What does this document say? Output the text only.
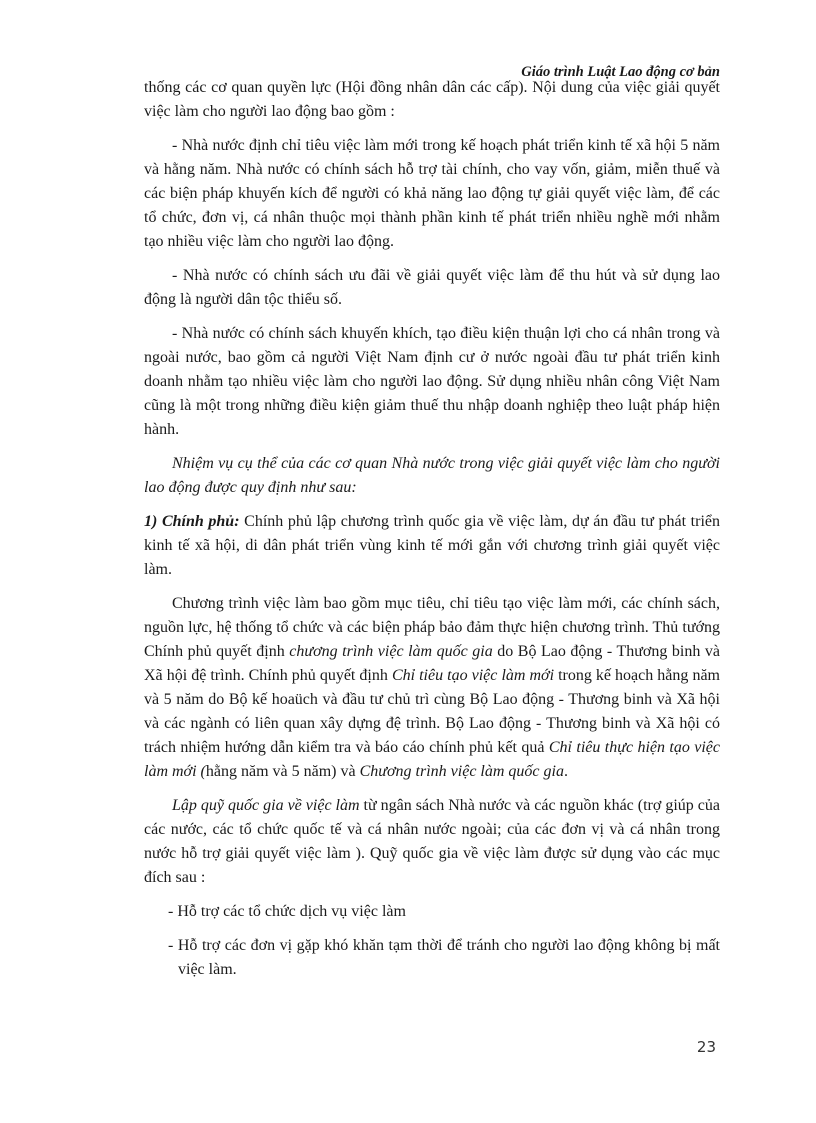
Giáo trình Luật Lao động cơ bản

thống các cơ quan quyền lực (Hội đồng nhân dân các cấp). Nội dung của việc giải quyết việc làm cho người lao động bao gồm :

- Nhà nước định chỉ tiêu việc làm mới trong kế hoạch phát triển kinh tế xã hội 5 năm và hằng năm. Nhà nước có chính sách hỗ trợ tài chính, cho vay vốn, giảm, miễn thuế và các biện pháp khuyến kích để người có khả năng lao động tự giải quyết việc làm, để các tổ chức, đơn vị, cá nhân thuộc mọi thành phần kinh tế phát triển nhiều nghề mới nhằm tạo nhiều việc làm cho người lao động.

- Nhà nước có chính sách ưu đãi về giải quyết việc làm để thu hút và sử dụng lao động là người dân tộc thiểu số.

- Nhà nước có chính sách khuyến khích, tạo điều kiện thuận lợi cho cá nhân trong và ngoài nước, bao gồm cả người Việt Nam định cư ở nước ngoài đầu tư phát triển kinh doanh nhằm tạo nhiều việc làm cho người lao động. Sử dụng nhiều nhân công Việt Nam cũng là một trong những điều kiện giảm thuế thu nhập doanh nghiệp theo luật pháp hiện hành.

Nhiệm vụ cụ thể của các cơ quan Nhà nước trong việc giải quyết việc làm cho người lao động được quy định như sau:

1) Chính phủ: Chính phủ lập chương trình quốc gia về việc làm, dự án đầu tư phát triển kinh tế xã hội, di dân phát triển vùng kinh tế mới gắn với chương trình giải quyết việc làm.

Chương trình việc làm bao gồm mục tiêu, chỉ tiêu tạo việc làm mới, các chính sách, nguồn lực, hệ thống tổ chức và các biện pháp bảo đảm thực hiện chương trình. Thủ tướng Chính phủ quyết định chương trình việc làm quốc gia do Bộ Lao động - Thương binh và Xã hội đệ trình. Chính phủ quyết định Chỉ tiêu tạo việc làm mới trong kế hoạch hằng năm và 5 năm do Bộ kế hoaüch và đầu tư chủ trì cùng Bộ Lao động - Thương binh và Xã hội và các ngành có liên quan xây dựng đệ trình. Bộ Lao động - Thương binh và Xã hội có trách nhiệm hướng dẫn kiểm tra và báo cáo chính phủ kết quả Chỉ tiêu thực hiện tạo việc làm mới (hằng năm và 5 năm) và Chương trình việc làm quốc gia.

Lập quỹ quốc gia về việc làm từ ngân sách Nhà nước và các nguồn khác (trợ giúp của các nước, các tổ chức quốc tế và cá nhân nước ngoài; của các đơn vị và cá nhân trong nước hỗ trợ giải quyết việc làm ). Quỹ quốc gia về việc làm được sử dụng vào các mục đích sau :

- Hỗ trợ các tổ chức dịch vụ việc làm

- Hỗ trợ các đơn vị gặp khó khăn tạm thời để tránh cho người lao động không bị mất việc làm.

23
